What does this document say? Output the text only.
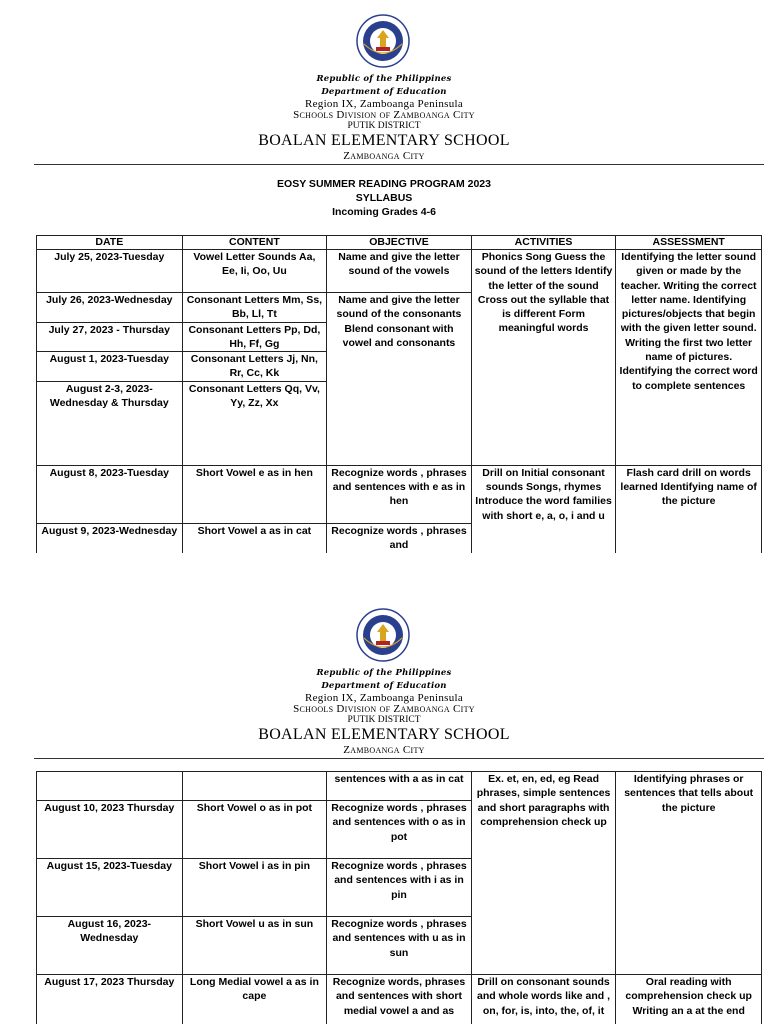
Republic of the Philippines
Department of Education
Region IX, Zamboanga Peninsula
Schools Division of Zamboanga City
PUTIK DISTRICT
BOALAN ELEMENTARY SCHOOL
Zamboanga City
EOSY SUMMER READING PROGRAM 2023
SYLLABUS
Incoming Grades 4-6
DATE	CONTENT	OBJECTIVE	ACTIVITIES	ASSESSMENT
July 25, 2023-Tuesday	Vowel Letter Sounds Aa, Ee, Ii, Oo, Uu	Name and give the letter sound of the vowels	Phonics Song Guess the sound of the letters Identify the letter of the sound Cross out the syllable that is different Form meaningful words	Identifying the letter sound given or made by the teacher. Writing the correct letter name. Identifying pictures/objects that begin with the given letter sound. Writing the first two letter name of pictures. Identifying the correct word to complete sentences
July 26, 2023-Wednesday	Consonant Letters Mm, Ss, Bb, Ll, Tt	Name and give the letter sound of the consonants Blend consonant with vowel and consonants		
July 27, 2023 - Thursday	Consonant Letters Pp, Dd, Hh, Ff, Gg			
August 1, 2023-Tuesday	Consonant Letters Jj, Nn, Rr, Cc, Kk			
August 2-3, 2023-Wednesday & Thursday	Consonant Letters Qq, Vv, Yy, Zz, Xx			
August 8, 2023-Tuesday	Short Vowel e as in hen	Recognize words , phrases and sentences with e as in hen	Drill on Initial consonant sounds Songs, rhymes Introduce the word families with short e, a, o, i and u	Flash card drill on words learned Identifying name of the picture
August 9, 2023-Wednesday	Short Vowel a as in cat	Recognize words , phrases and		
Republic of the Philippines
Department of Education
Region IX, Zamboanga Peninsula
Schools Division of Zamboanga City
PUTIK DISTRICT
BOALAN ELEMENTARY SCHOOL
Zamboanga City
		sentences with a as in cat	Ex. et, en, ed, eg Read phrases, simple sentences and short paragraphs with comprehension check up	Identifying phrases or sentences that tells about the picture
August 10, 2023 Thursday	Short Vowel o as in pot	Recognize words , phrases and sentences with o as in pot		
August 15, 2023-Tuesday	Short Vowel i as in pin	Recognize words , phrases and sentences with i as in pin		
August 16, 2023-Wednesday	Short Vowel u as in sun	Recognize words , phrases and sentences with u as in sun		
August 17, 2023 Thursday	Long Medial vowel a as in cape	Recognize words, phrases and sentences with short medial vowel a and as	Drill on consonant sounds and whole words like and , on, for, is, into, the, of, it	Oral reading with comprehension check up Writing an a at the end
